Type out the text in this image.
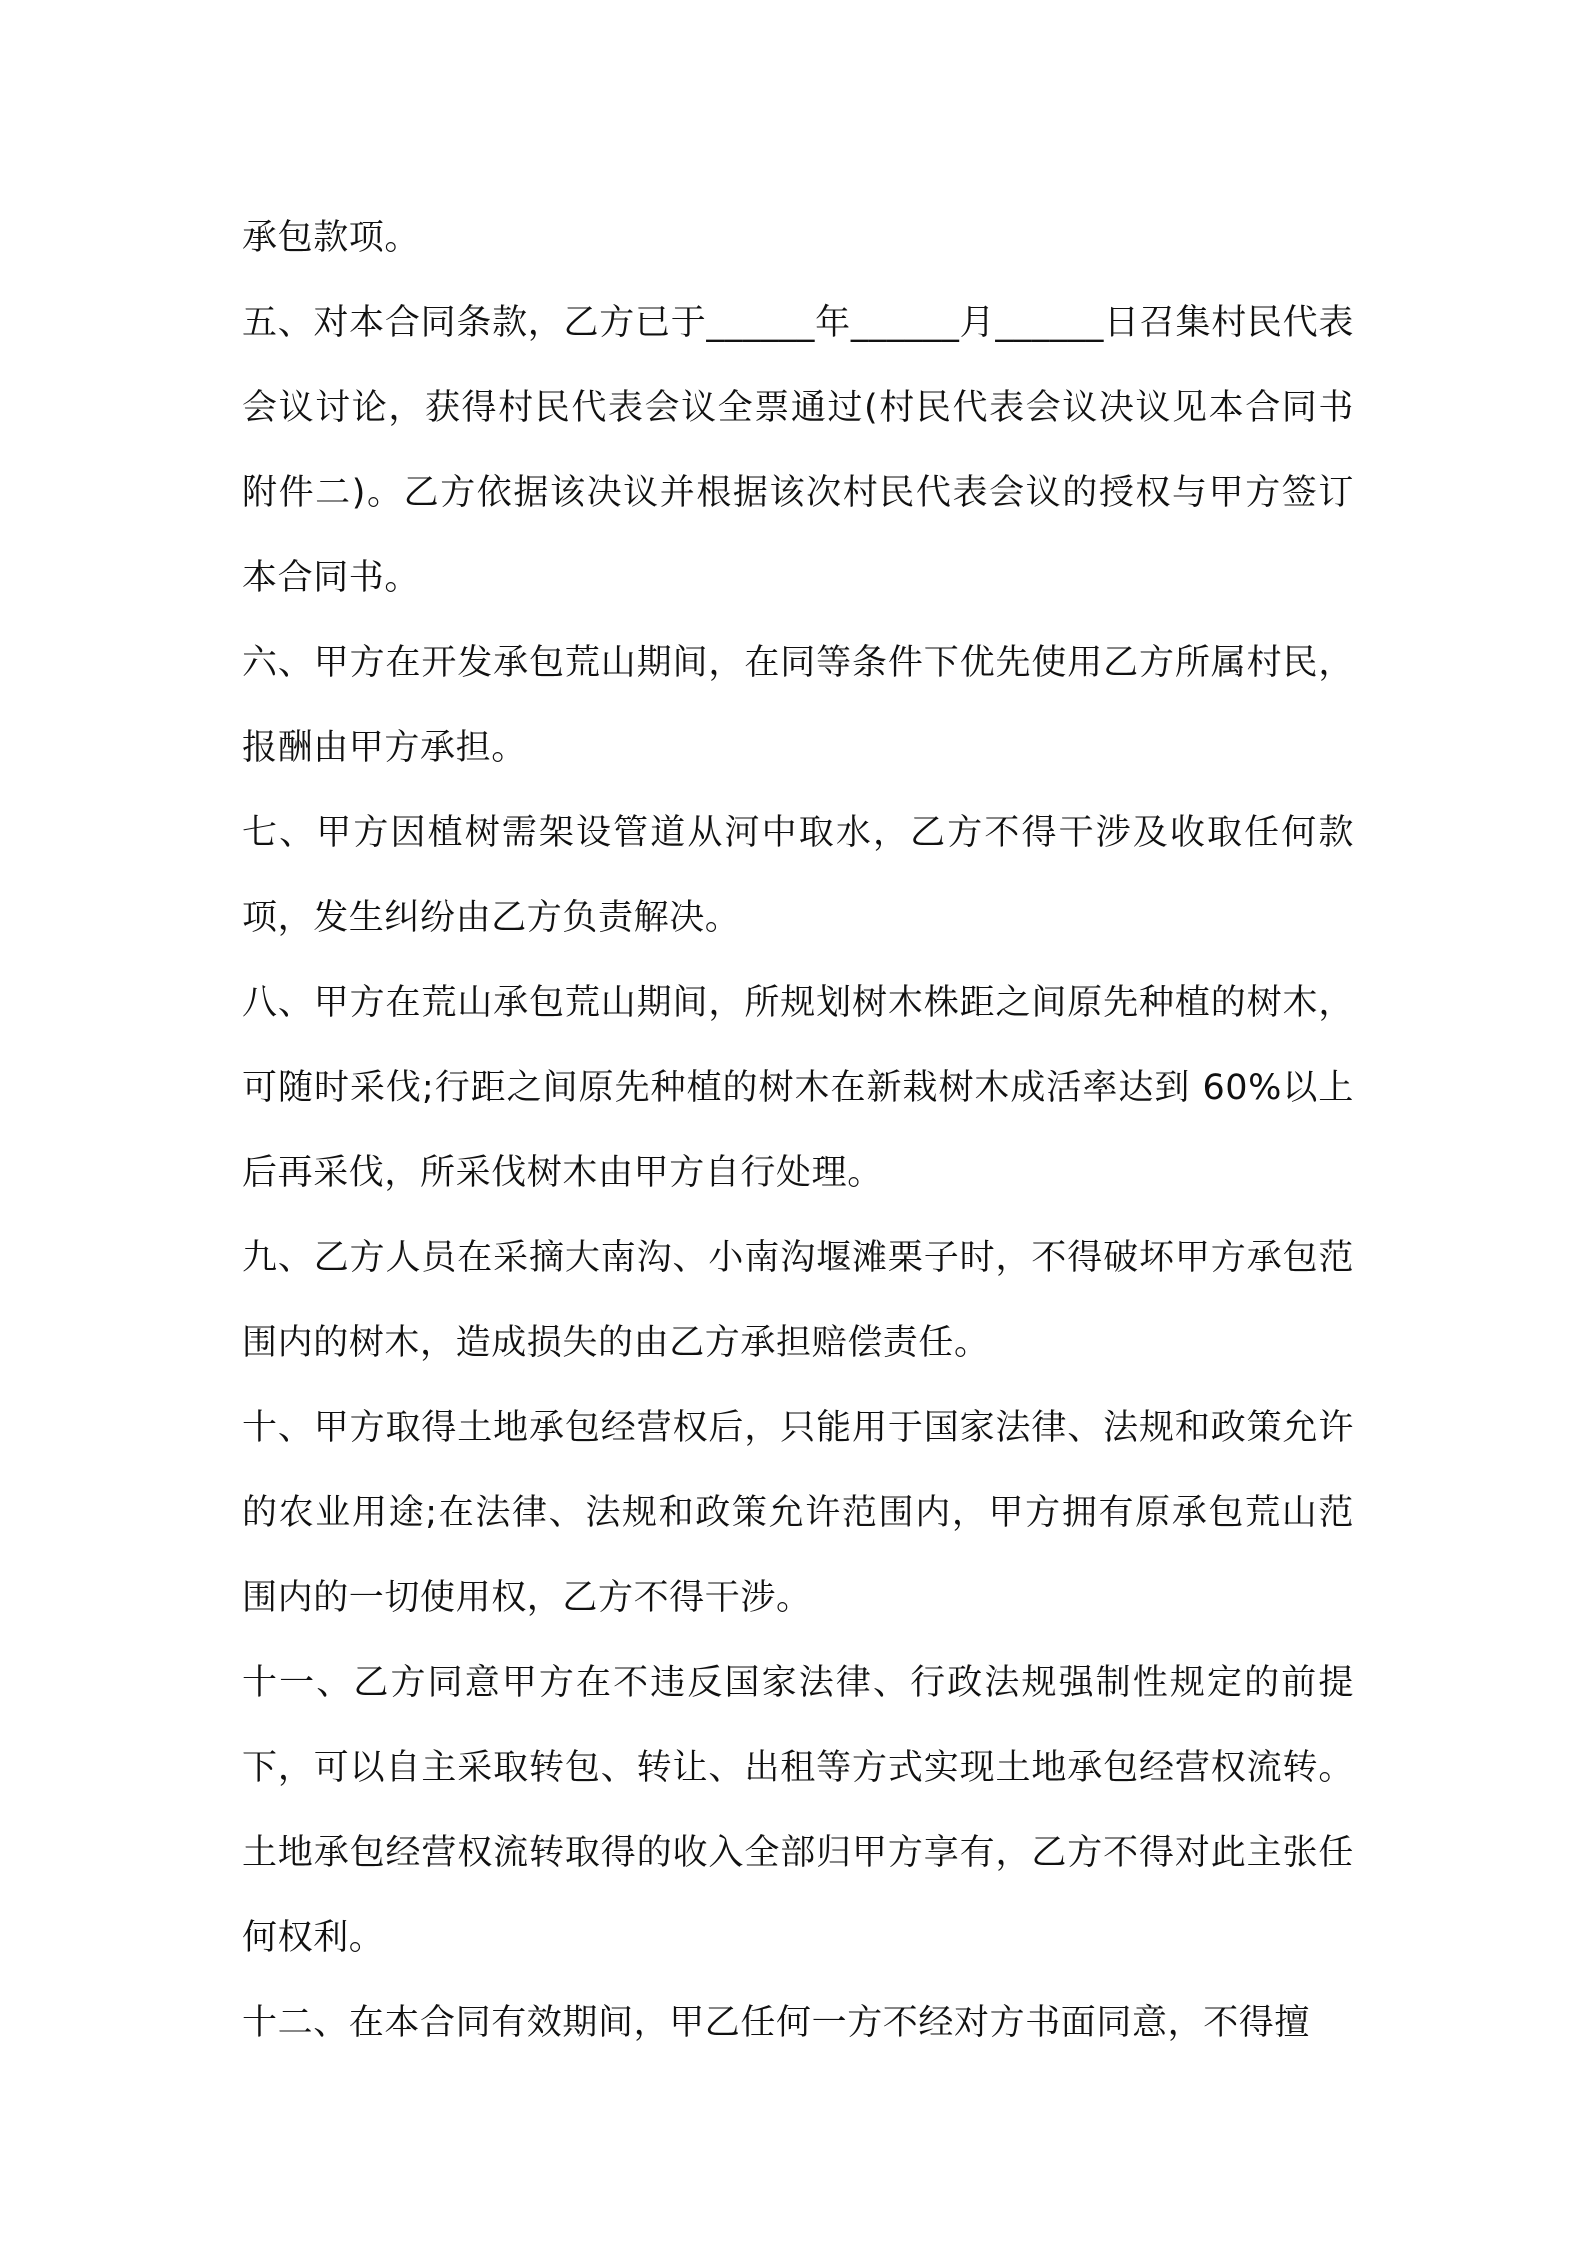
承包款项。

五、对本合同条款，乙方已于______年______月______日召集村民代表会议讨论，获得村民代表会议全票通过(村民代表会议决议见本合同书附件二)。乙方依据该决议并根据该次村民代表会议的授权与甲方签订本合同书。

六、甲方在开发承包荒山期间，在同等条件下优先使用乙方所属村民，报酬由甲方承担。

七、甲方因植树需架设管道从河中取水，乙方不得干涉及收取任何款项，发生纠纷由乙方负责解决。

八、甲方在荒山承包荒山期间，所规划树木株距之间原先种植的树木，可随时采伐;行距之间原先种植的树木在新栽树木成活率达到 60%以上后再采伐，所采伐树木由甲方自行处理。

九、乙方人员在采摘大南沟、小南沟堰滩栗子时，不得破坏甲方承包范围内的树木，造成损失的由乙方承担赔偿责任。

十、甲方取得土地承包经营权后，只能用于国家法律、法规和政策允许的农业用途;在法律、法规和政策允许范围内，甲方拥有原承包荒山范围内的一切使用权，乙方不得干涉。

十一、乙方同意甲方在不违反国家法律、行政法规强制性规定的前提下，可以自主采取转包、转让、出租等方式实现土地承包经营权流转。土地承包经营权流转取得的收入全部归甲方享有，乙方不得对此主张任何权利。

十二、在本合同有效期间，甲乙任何一方不经对方书面同意，不得擅
